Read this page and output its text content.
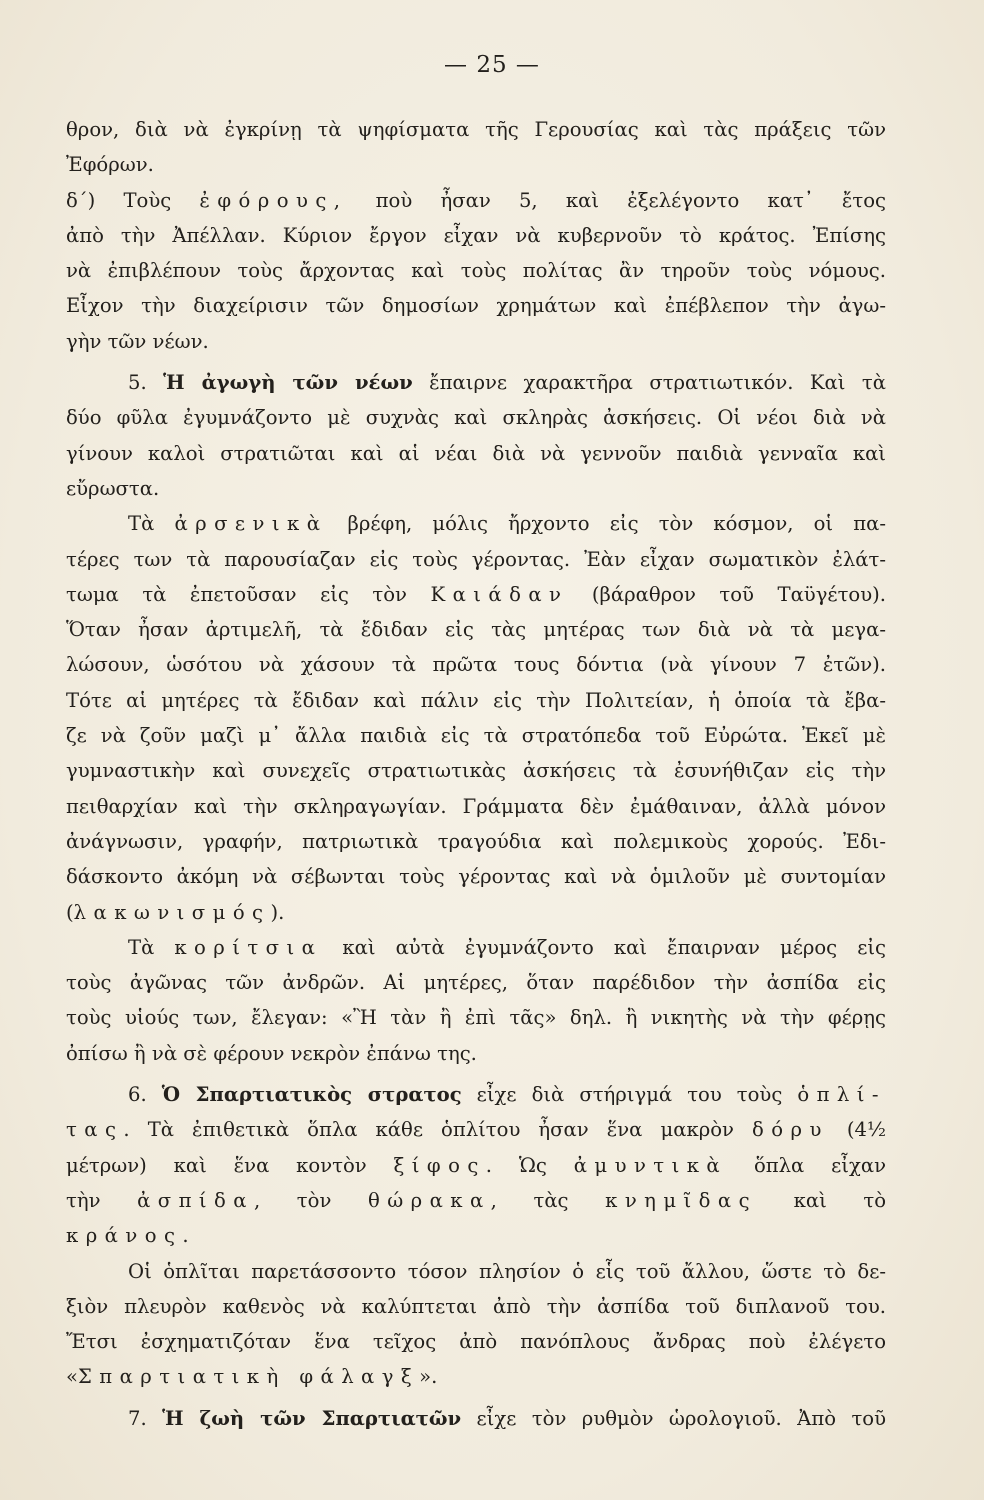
— 25 —
θρον, διὰ νὰ ἐγκρίνῃ τὰ ψηφίσματα τῆς Γερουσίας καὶ τὰς πράξεις τῶν
Ἐφόρων.
δ΄) Τοὺς ἐφόρους, ποὺ ἦσαν 5, καὶ ἐξελέγοντο κατ᾿ ἔτος
ἀπὸ τὴν Ἀπέλλαν. Κύριον ἔργον εἶχαν νὰ κυβερνοῦν τὸ κράτος. Ἐπίσης
νὰ ἐπιβλέπουν τοὺς ἄρχοντας καὶ τοὺς πολίτας ἂν τηροῦν τοὺς νόμους.
Εἶχον τὴν διαχείρισιν τῶν δημοσίων χρημάτων καὶ ἐπέβλεπον τὴν ἀγω-
γὴν τῶν νέων.
5. Ἡ ἀγωγὴ τῶν νέων ἔπαιρνε χαρακτῆρα στρατιωτικόν. Καὶ τὰ
δύο φῦλα ἐγυμνάζοντο μὲ συχνὰς καὶ σκληρὰς ἀσκήσεις. Οἱ νέοι διὰ νὰ
γίνουν καλοὶ στρατιῶται καὶ αἱ νέαι διὰ νὰ γεννοῦν παιδιὰ γενναῖα καὶ
εὔρωστα.
Τὰ ἀρσενικὰ βρέφη, μόλις ἤρχοντο εἰς τὸν κόσμον, οἱ πα-
τέρες των τὰ παρουσίαζαν εἰς τοὺς γέροντας. Ἐὰν εἶχαν σωματικὸν ἐλάτ-
τωμα τὰ ἐπετοῦσαν εἰς τὸν Καιάδαν (βάραθρον τοῦ Ταϋγέτου).
Ὅταν ἦσαν ἀρτιμελῆ, τὰ ἔδιδαν εἰς τὰς μητέρας των διὰ νὰ τὰ μεγα-
λώσουν, ὡσότου νὰ χάσουν τὰ πρῶτα τους δόντια (νὰ γίνουν 7 ἐτῶν).
Τότε αἱ μητέρες τὰ ἔδιδαν καὶ πάλιν εἰς τὴν Πολιτείαν, ἡ ὁποία τὰ ἔβα-
ζε νὰ ζοῦν μαζὶ μ᾿ ἄλλα παιδιὰ εἰς τὰ στρατόπεδα τοῦ Εὐρώτα. Ἐκεῖ μὲ
γυμναστικὴν καὶ συνεχεῖς στρατιωτικὰς ἀσκήσεις τὰ ἐσυνήθιζαν εἰς τὴν
πειθαρχίαν καὶ τὴν σκληραγωγίαν. Γράμματα δὲν ἐμάθαιναν, ἀλλὰ μόνον
ἀνάγνωσιν, γραφήν, πατριωτικὰ τραγούδια καὶ πολεμικοὺς χορούς. Ἐδι-
δάσκοντο ἀκόμη νὰ σέβωνται τοὺς γέροντας καὶ νὰ ὁμιλοῦν μὲ συντομίαν
(λακωνισμός).
Τὰ κορίτσια καὶ αὐτὰ ἐγυμνάζοντο καὶ ἔπαιρναν μέρος εἰς
τοὺς ἀγῶνας τῶν ἀνδρῶν. Αἱ μητέρες, ὅταν παρέδιδον τὴν ἀσπίδα εἰς
τοὺς υἱούς των, ἔλεγαν: «Ἢ τὰν ἢ ἐπὶ τᾶς» δηλ. ἢ νικητὴς νὰ τὴν φέρῃς
ὀπίσω ἢ νὰ σὲ φέρουν νεκρὸν ἐπάνω της.
6. Ὁ Σπαρτιατικὸς στρατος εἶχε διὰ στήριγμά του τοὺς ὁπλί-
τας. Τὰ ἐπιθετικὰ ὅπλα κάθε ὁπλίτου ἦσαν ἕνα μακρὸν δόρυ (4½
μέτρων) καὶ ἕνα κοντὸν ξίφος. Ὡς ἀμυντικὰ ὅπλα εἶχαν
τὴν ἀσπίδα, τὸν θώρακα, τὰς κνημῖδας καὶ τὸ
κράνος.
Οἱ ὁπλῖται παρετάσσοντο τόσον πλησίον ὁ εἷς τοῦ ἄλλου, ὥστε τὸ δε-
ξιὸν πλευρὸν καθενὸς νὰ καλύπτεται ἀπὸ τὴν ἀσπίδα τοῦ διπλανοῦ του.
Ἔτσι ἐσχηματιζόταν ἕνα τεῖχος ἀπὸ πανόπλους ἄνδρας ποὺ ἐλέγετο
«Σπαρτιατικὴ φάλαγξ».
7. Ἡ ζωὴ τῶν Σπαρτιατῶν εἶχε τὸν ρυθμὸν ὡρολογιοῦ. Ἀπὸ τοῦ
